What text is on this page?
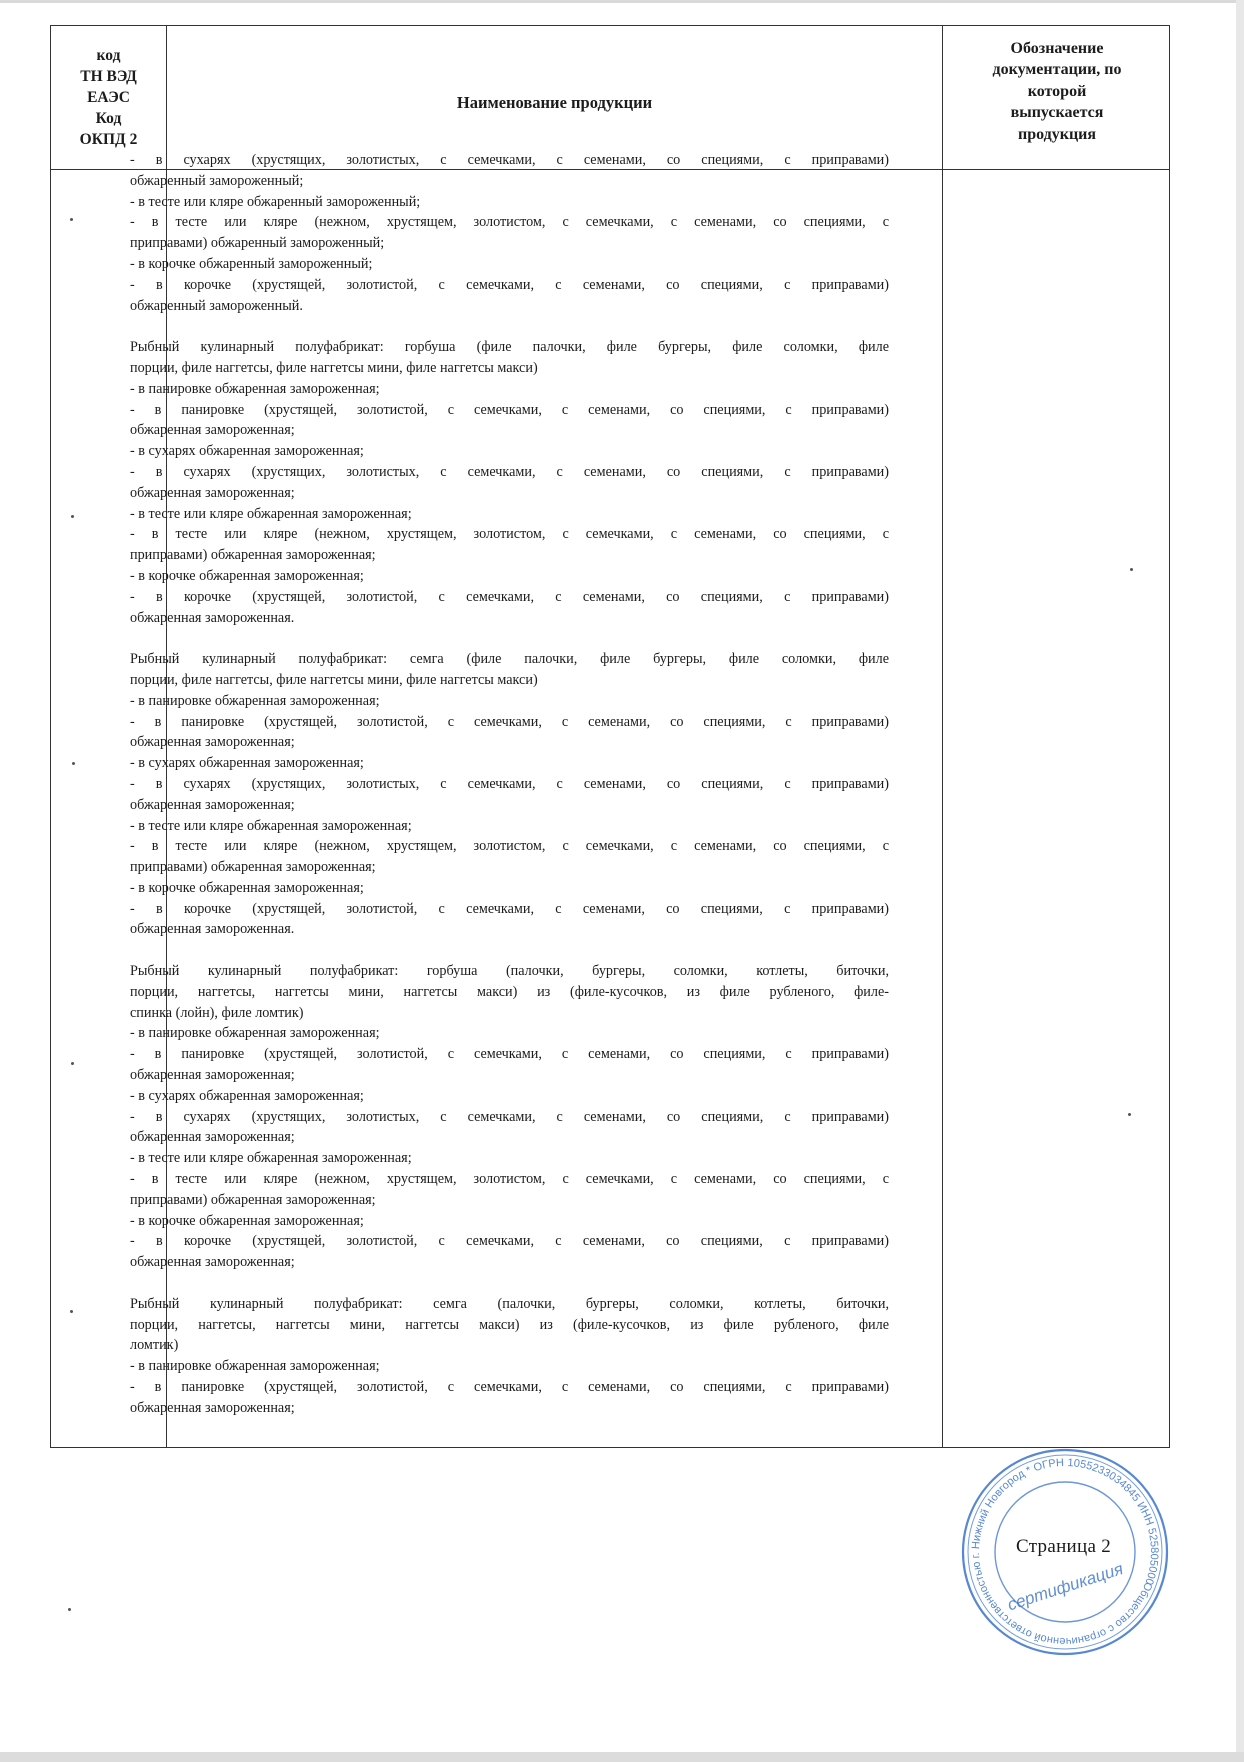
код
ТН ВЭД
ЕАЭС
Код
ОКПД 2
Наименование продукции
Обозначение
документации, по
которой
выпускается
продукция
- в сухарях (хрустящих, золотистых, с семечками, с семенами, со специями, с приправами)
обжаренный замороженный;
- в тесте или кляре обжаренный замороженный;
- в тесте или кляре (нежном, хрустящем, золотистом, с семечками, с семенами, со специями, с
приправами) обжаренный замороженный;
- в корочке обжаренный замороженный;
- в корочке (хрустящей, золотистой, с семечками, с семенами, со специями, с приправами)
обжаренный замороженный.
Рыбный кулинарный полуфабрикат: горбуша (филе палочки, филе бургеры, филе соломки, филе
порции, филе наггетсы, филе наггетсы мини, филе наггетсы макси)
- в панировке обжаренная замороженная;
- в панировке (хрустящей, золотистой, с семечками, с семенами, со специями, с приправами)
обжаренная замороженная;
- в сухарях обжаренная замороженная;
- в сухарях (хрустящих, золотистых, с семечками, с семенами, со специями, с приправами)
обжаренная замороженная;
- в тесте или кляре обжаренная замороженная;
- в тесте или кляре (нежном, хрустящем, золотистом, с семечками, с семенами, со специями, с
приправами) обжаренная замороженная;
- в корочке обжаренная замороженная;
- в корочке (хрустящей, золотистой, с семечками, с семенами, со специями, с приправами)
обжаренная замороженная.
Рыбный кулинарный полуфабрикат: семга (филе палочки, филе бургеры, филе соломки, филе
порции, филе наггетсы, филе наггетсы мини, филе наггетсы макси)
- в панировке обжаренная замороженная;
- в панировке (хрустящей, золотистой, с семечками, с семенами, со специями, с приправами)
обжаренная замороженная;
- в сухарях обжаренная замороженная;
- в сухарях (хрустящих, золотистых, с семечками, с семенами, со специями, с приправами)
обжаренная замороженная;
- в тесте или кляре обжаренная замороженная;
- в тесте или кляре (нежном, хрустящем, золотистом, с семечками, с семенами, со специями, с
приправами) обжаренная замороженная;
- в корочке обжаренная замороженная;
- в корочке (хрустящей, золотистой, с семечками, с семенами, со специями, с приправами)
обжаренная замороженная.
Рыбный кулинарный полуфабрикат: горбуша (палочки, бургеры, соломки, котлеты, биточки,
порции, наггетсы, наггетсы мини, наггетсы макси) из (филе-кусочков, из филе рубленого, филе-
спинка (лойн), филе ломтик)
- в панировке обжаренная замороженная;
- в панировке (хрустящей, золотистой, с семечками, с семенами, со специями, с приправами)
обжаренная замороженная;
- в сухарях обжаренная замороженная;
- в сухарях (хрустящих, золотистых, с семечками, с семенами, со специями, с приправами)
обжаренная замороженная;
- в тесте или кляре обжаренная замороженная;
- в тесте или кляре (нежном, хрустящем, золотистом, с семечками, с семенами, со специями, с
приправами) обжаренная замороженная;
- в корочке обжаренная замороженная;
- в корочке (хрустящей, золотистой, с семечками, с семенами, со специями, с приправами)
обжаренная замороженная;
Рыбный кулинарный полуфабрикат: семга (палочки, бургеры, соломки, котлеты, биточки,
порции, наггетсы, наггетсы мини, наггетсы макси) из (филе-кусочков, из филе рубленого, филе
ломтик)
- в панировке обжаренная замороженная;
- в панировке (хрустящей, золотистой, с семечками, с семенами, со специями, с приправами)
обжаренная замороженная;
Общество с ограниченной ответственностью г. Нижний Новгород * ОГРН 1055233034845 ИНН 5258050000
сертификация
Страница 2
